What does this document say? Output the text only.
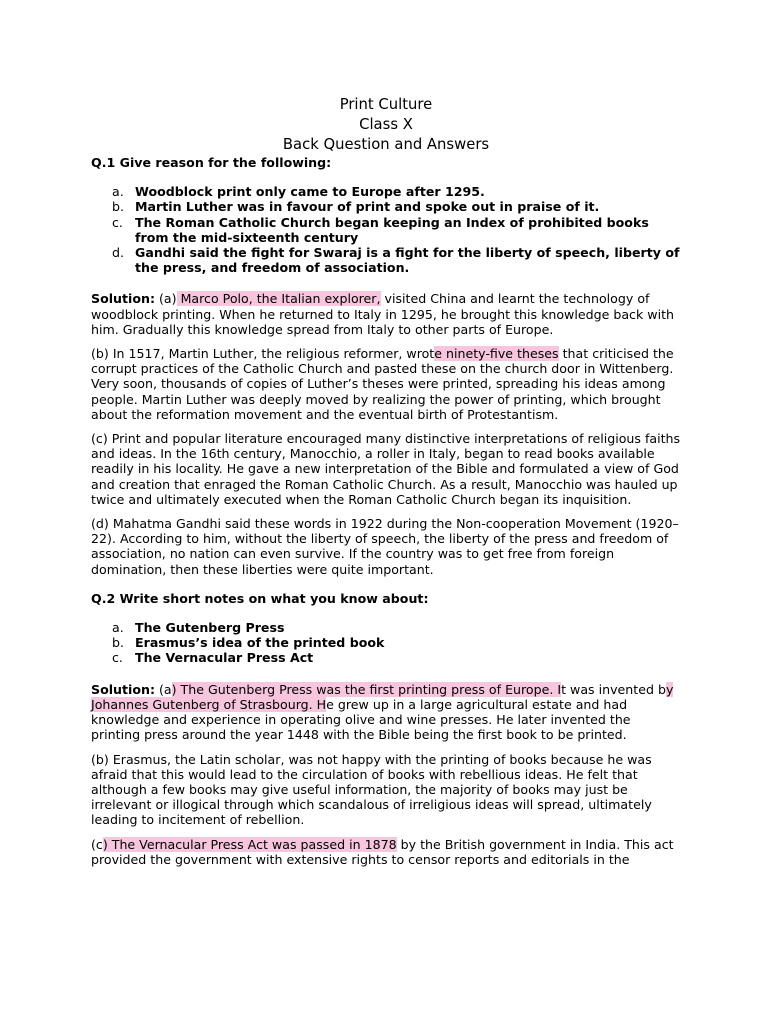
Print Culture
Class X
Back Question and Answers
Q.1 Give reason for the following:
a. Woodblock print only came to Europe after 1295.
b. Martin Luther was in favour of print and spoke out in praise of it.
c. The Roman Catholic Church began keeping an Index of prohibited books from the mid-sixteenth century
d. Gandhi said the fight for Swaraj is a fight for the liberty of speech, liberty of the press, and freedom of association.

Solution: (a) Marco Polo, the Italian explorer, visited China and learnt the technology of woodblock printing. When he returned to Italy in 1295, he brought this knowledge back with him. Gradually this knowledge spread from Italy to other parts of Europe.

(b) In 1517, Martin Luther, the religious reformer, wrote ninety-five theses that criticised the corrupt practices of the Catholic Church and pasted these on the church door in Wittenberg. Very soon, thousands of copies of Luther’s theses were printed, spreading his ideas among people. Martin Luther was deeply moved by realizing the power of printing, which brought about the reformation movement and the eventual birth of Protestantism.

(c) Print and popular literature encouraged many distinctive interpretations of religious faiths and ideas. In the 16th century, Manocchio, a roller in Italy, began to read books available readily in his locality. He gave a new interpretation of the Bible and formulated a view of God and creation that enraged the Roman Catholic Church. As a result, Manocchio was hauled up twice and ultimately executed when the Roman Catholic Church began its inquisition.

(d) Mahatma Gandhi said these words in 1922 during the Non-cooperation Movement (1920–22). According to him, without the liberty of speech, the liberty of the press and freedom of association, no nation can even survive. If the country was to get free from foreign domination, then these liberties were quite important.

Q.2 Write short notes on what you know about:
a. The Gutenberg Press
b. Erasmus’s idea of the printed book
c. The Vernacular Press Act

Solution: (a) The Gutenberg Press was the first printing press of Europe. It was invented by Johannes Gutenberg of Strasbourg. He grew up in a large agricultural estate and had knowledge and experience in operating olive and wine presses. He later invented the printing press around the year 1448 with the Bible being the first book to be printed.

(b) Erasmus, the Latin scholar, was not happy with the printing of books because he was afraid that this would lead to the circulation of books with rebellious ideas. He felt that although a few books may give useful information, the majority of books may just be irrelevant or illogical through which scandalous of irreligious ideas will spread, ultimately leading to incitement of rebellion.

(c) The Vernacular Press Act was passed in 1878 by the British government in India. This act provided the government with extensive rights to censor reports and editorials in the
